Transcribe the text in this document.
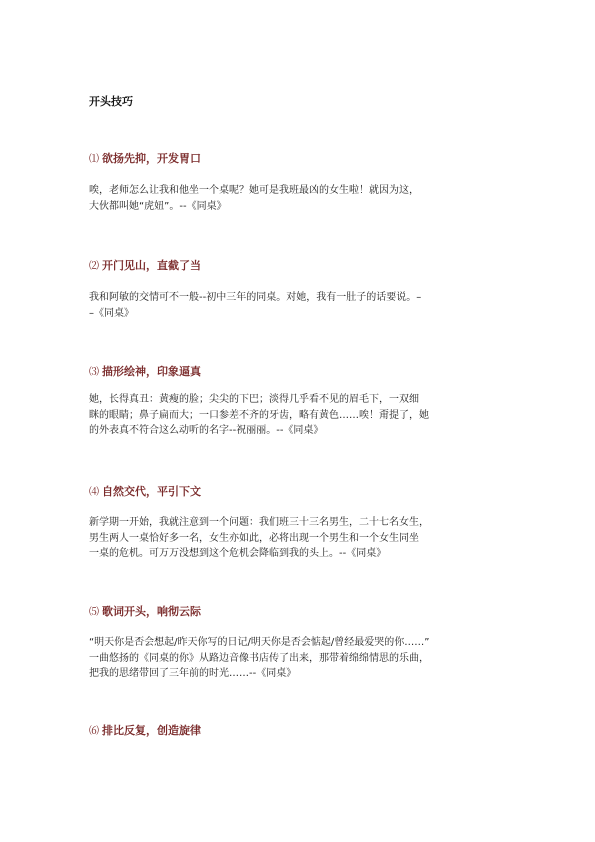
开头技巧
⑴ 欲扬先抑，开发胃口
唉，老师怎么让我和他坐一个桌呢？她可是我班最凶的女生啦！就因为这，
大伙都叫她“虎妞”。--《同桌》
⑵ 开门见山，直截了当
我和阿敏的交情可不一般--初中三年的同桌。对她，我有一肚子的话要说。–
–《同桌》
⑶ 描形绘神，印象逼真
她，长得真丑：黄瘦的脸；尖尖的下巴；淡得几乎看不见的眉毛下，一双细
眯的眼睛；鼻子扁而大；一口参差不齐的牙齿，略有黄色……唉！甭提了，她
的外表真不符合这么动听的名字--祝丽丽。--《同桌》
⑷ 自然交代，平引下文
新学期一开始，我就注意到一个问题：我们班三十三名男生，二十七名女生，
男生两人一桌恰好多一名，女生亦如此，必将出现一个男生和一个女生同坐
一桌的危机。可万万没想到这个危机会降临到我的头上。--《同桌》
⑸ 歌词开头，响彻云际
“明天你是否会想起/昨天你写的日记/明天你是否会惦起/曾经最爱哭的你……”
一曲悠扬的《同桌的你》从路边音像书店传了出来，那带着绵绵情思的乐曲，
把我的思绪带回了三年前的时光……--《同桌》
⑹ 排比反复，创造旋律
